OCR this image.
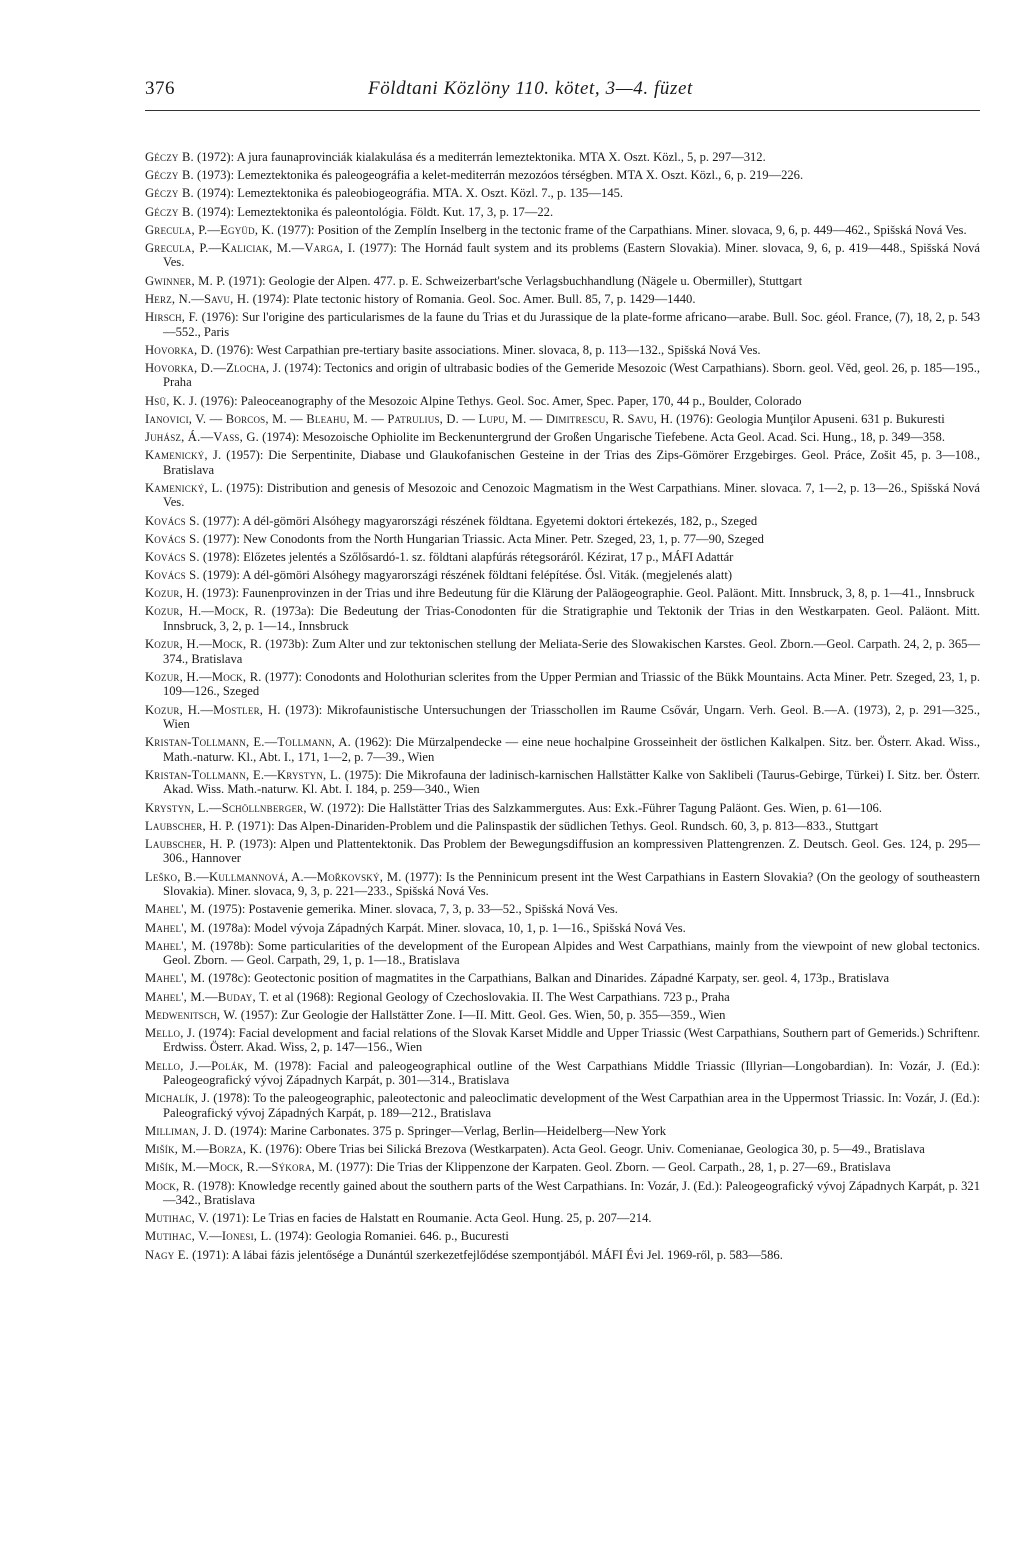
376	Földtani Közlöny 110. kötet, 3—4. füzet
Géczy B. (1972): A jura faunaprovinciák kialakulása és a mediterrán lemeztektonika. MTA X. Oszt. Közl., 5, p. 297—312.
Géczy B. (1973): Lemeztektonika és paleogeográfia a kelet-mediterrán mezozóos térségben. MTA X. Oszt. Közl., 6, p. 219—226.
Géczy B. (1974): Lemeztektonika és paleobiogeográfia. MTA. X. Oszt. Közl. 7., p. 135—145.
Géczy B. (1974): Lemeztektonika és paleontológia. Földt. Kut. 17, 3, p. 17—22.
Grecula, P.—Együd, K. (1977): Position of the Zemplín Inselberg in the tectonic frame of the Carpathians. Miner. slovaca, 9, 6, p. 449—462., Spišská Nová Ves.
Grecula, P.—Kaliciak, M.—Varga, I. (1977): The Hornád fault system and its problems (Eastern Slovakia). Miner. slovaca, 9, 6, p. 419—448., Spišská Nová Ves.
Gwinner, M. P. (1971): Geologie der Alpen. 477. p. E. Schweizerbart'sche Verlagsbuchhandlung (Nägele u. Obermiller), Stuttgart
Herz, N.—Savu, H. (1974): Plate tectonic history of Romania. Geol. Soc. Amer. Bull. 85, 7, p. 1429—1440.
Hirsch, F. (1976): Sur l'origine des particularismes de la faune du Trias et du Jurassique de la plate-forme africano—arabe. Bull. Soc. géol. France, (7), 18, 2, p. 543—552., Paris
Hovorka, D. (1976): West Carpathian pre-tertiary basite associations. Miner. slovaca, 8, p. 113—132., Spišská Nová Ves.
Hovorka, D.—Zlocha, J. (1974): Tectonics and origin of ultrabasic bodies of the Gemeride Mesozoic (West Carpathians). Sborn. geol. Věd, geol. 26, p. 185—195., Praha
Hsü, K. J. (1976): Paleoceanography of the Mesozoic Alpine Tethys. Geol. Soc. Amer, Spec. Paper, 170, 44 p., Boulder, Colorado
Ianovici, V. — Borcos, M. — Bleahu, M. — Patrulius, D. — Lupu, M. — Dimitrescu, R. Savu, H. (1976): Geologia Munţilor Apuseni. 631 p. Bukuresti
Juhász, Á.—Vass, G. (1974): Mesozoische Ophiolite im Beckenuntergrund der Großen Ungarische Tiefebene. Acta Geol. Acad. Sci. Hung., 18, p. 349—358.
Kamenický, J. (1957): Die Serpentinite, Diabase und Glaukofanischen Gesteine in der Trias des Zips-Gömörer Erzgebirges. Geol. Práce, Zošit 45, p. 3—108., Bratislava
Kamenický, L. (1975): Distribution and genesis of Mesozoic and Cenozoic Magmatism in the West Carpathians. Miner. slovaca. 7, 1—2, p. 13—26., Spišská Nová Ves.
Kovács S. (1977): A dél-gömöri Alsóhegy magyarországi részének földtana. Egyetemi doktori értekezés, 182, p., Szeged
Kovács S. (1977): New Conodonts from the North Hungarian Triassic. Acta Miner. Petr. Szeged, 23, 1, p. 77—90, Szeged
Kovács S. (1978): Előzetes jelentés a Szőlősardó-1. sz. földtani alapfúrás rétegsoráról. Kézirat, 17 p., MÁFI Adattár
Kovács S. (1979): A dél-gömöri Alsóhegy magyarországi részének földtani felépítése. Ősl. Viták. (megjelenés alatt)
Kozur, H. (1973): Faunenprovinzen in der Trias und ihre Bedeutung für die Klärung der Paläogeographie. Geol. Paläont. Mitt. Innsbruck, 3, 8, p. 1—41., Innsbruck
Kozur, H.—Mock, R. (1973a): Die Bedeutung der Trias-Conodonten für die Stratigraphie und Tektonik der Trias in den Westkarpaten. Geol. Paläont. Mitt. Innsbruck, 3, 2, p. 1—14., Innsbruck
Kozur, H.—Mock, R. (1973b): Zum Alter und zur tektonischen stellung der Meliata-Serie des Slowakischen Karstes. Geol. Zborn.—Geol. Carpath. 24, 2, p. 365—374., Bratislava
Kozur, H.—Mock, R. (1977): Conodonts and Holothurian sclerites from the Upper Permian and Triassic of the Bükk Mountains. Acta Miner. Petr. Szeged, 23, 1, p. 109—126., Szeged
Kozur, H.—Mostler, H. (1973): Mikrofaunistische Untersuchungen der Triasschollen im Raume Csővár, Ungarn. Verh. Geol. B.—A. (1973), 2, p. 291—325., Wien
Kristan-Tollmann, E.—Tollmann, A. (1962): Die Mürzalpendecke — eine neue hochalpine Grosseinheit der östlichen Kalkalpen. Sitz. ber. Österr. Akad. Wiss., Math.-naturw. Kl., Abt. I., 171, 1—2, p. 7—39., Wien
Kristan-Tollmann, E.—Krystyn, L. (1975): Die Mikrofauna der ladinisch-karnischen Hallstätter Kalke von Saklibeli (Taurus-Gebirge, Türkei) I. Sitz. ber. Österr. Akad. Wiss. Math.-naturw. Kl. Abt. I. 184, p. 259—340., Wien
Krystyn, L.—Schöllnberger, W. (1972): Die Hallstätter Trias des Salzkammergutes. Aus: Exk.-Führer Tagung Paläont. Ges. Wien, p. 61—106.
Laubscher, H. P. (1971): Das Alpen-Dinariden-Problem und die Palinspastik der südlichen Tethys. Geol. Rundsch. 60, 3, p. 813—833., Stuttgart
Laubscher, H. P. (1973): Alpen und Plattentektonik. Das Problem der Bewegungsdiffusion an kompressiven Plattengrenzen. Z. Deutsch. Geol. Ges. 124, p. 295—306., Hannover
Leško, B.—Kullmannová, A.—Mořkovský, M. (1977): Is the Penninicum present int the West Carpathians in Eastern Slovakia? (On the geology of southeastern Slovakia). Miner. slovaca, 9, 3, p. 221—233., Spišská Nová Ves.
Mahel', M. (1975): Postavenie gemerika. Miner. slovaca, 7, 3, p. 33—52., Spišská Nová Ves.
Mahel', M. (1978a): Model vývoja Západných Karpát. Miner. slovaca, 10, 1, p. 1—16., Spišská Nová Ves.
Mahel', M. (1978b): Some particularities of the development of the European Alpides and West Carpathians, mainly from the viewpoint of new global tectonics. Geol. Zborn. — Geol. Carpath, 29, 1, p. 1—18., Bratislava
Mahel', M. (1978c): Geotectonic position of magmatites in the Carpathians, Balkan and Dinarides. Západné Karpaty, ser. geol. 4, 173p., Bratislava
Mahel', M.—Buday, T. et al (1968): Regional Geology of Czechoslovakia. II. The West Carpathians. 723 p., Praha
Medwenitsch, W. (1957): Zur Geologie der Hallstätter Zone. I—II. Mitt. Geol. Ges. Wien, 50, p. 355—359., Wien
Mello, J. (1974): Facial development and facial relations of the Slovak Karset Middle and Upper Triassic (West Carpathians, Southern part of Gemerids.) Schriftenr. Erdwiss. Österr. Akad. Wiss, 2, p. 147—156., Wien
Mello, J.—Polák, M. (1978): Facial and paleogeographical outline of the West Carpathians Middle Triassic (Illyrian—Longobardian). In: Vozár, J. (Ed.): Paleogeografický vývoj Západnych Karpát, p. 301—314., Bratislava
Michalík, J. (1978): To the paleogeographic, paleotectonic and paleoclimatic development of the West Carpathian area in the Uppermost Triassic. In: Vozár, J. (Ed.): Paleografický vývoj Západných Karpát, p. 189—212., Bratislava
Milliman, J. D. (1974): Marine Carbonates. 375 p. Springer—Verlag, Berlin—Heidelberg—New York
Mišík, M.—Borza, K. (1976): Obere Trias bei Silická Brezova (Westkarpaten). Acta Geol. Geogr. Univ. Comenianae, Geologica 30, p. 5—49., Bratislava
Mišík, M.—Mock, R.—Sýkora, M. (1977): Die Trias der Klippenzone der Karpaten. Geol. Zborn. — Geol. Carpath., 28, 1, p. 27—69., Bratislava
Mock, R. (1978): Knowledge recently gained about the southern parts of the West Carpathians. In: Vozár, J. (Ed.): Paleogeografický vývoj Západnych Karpát, p. 321—342., Bratislava
Mutihac, V. (1971): Le Trias en facies de Halstatt en Roumanie. Acta Geol. Hung. 25, p. 207—214.
Mutihac, V.—Ionesi, L. (1974): Geologia Romaniei. 646. p., Bucuresti
Nagy E. (1971): A lábai fázis jelentősége a Dunántúl szerkezetfejlődése szempontjából. MÁFI Évi Jel. 1969-ről, p. 583—586.
